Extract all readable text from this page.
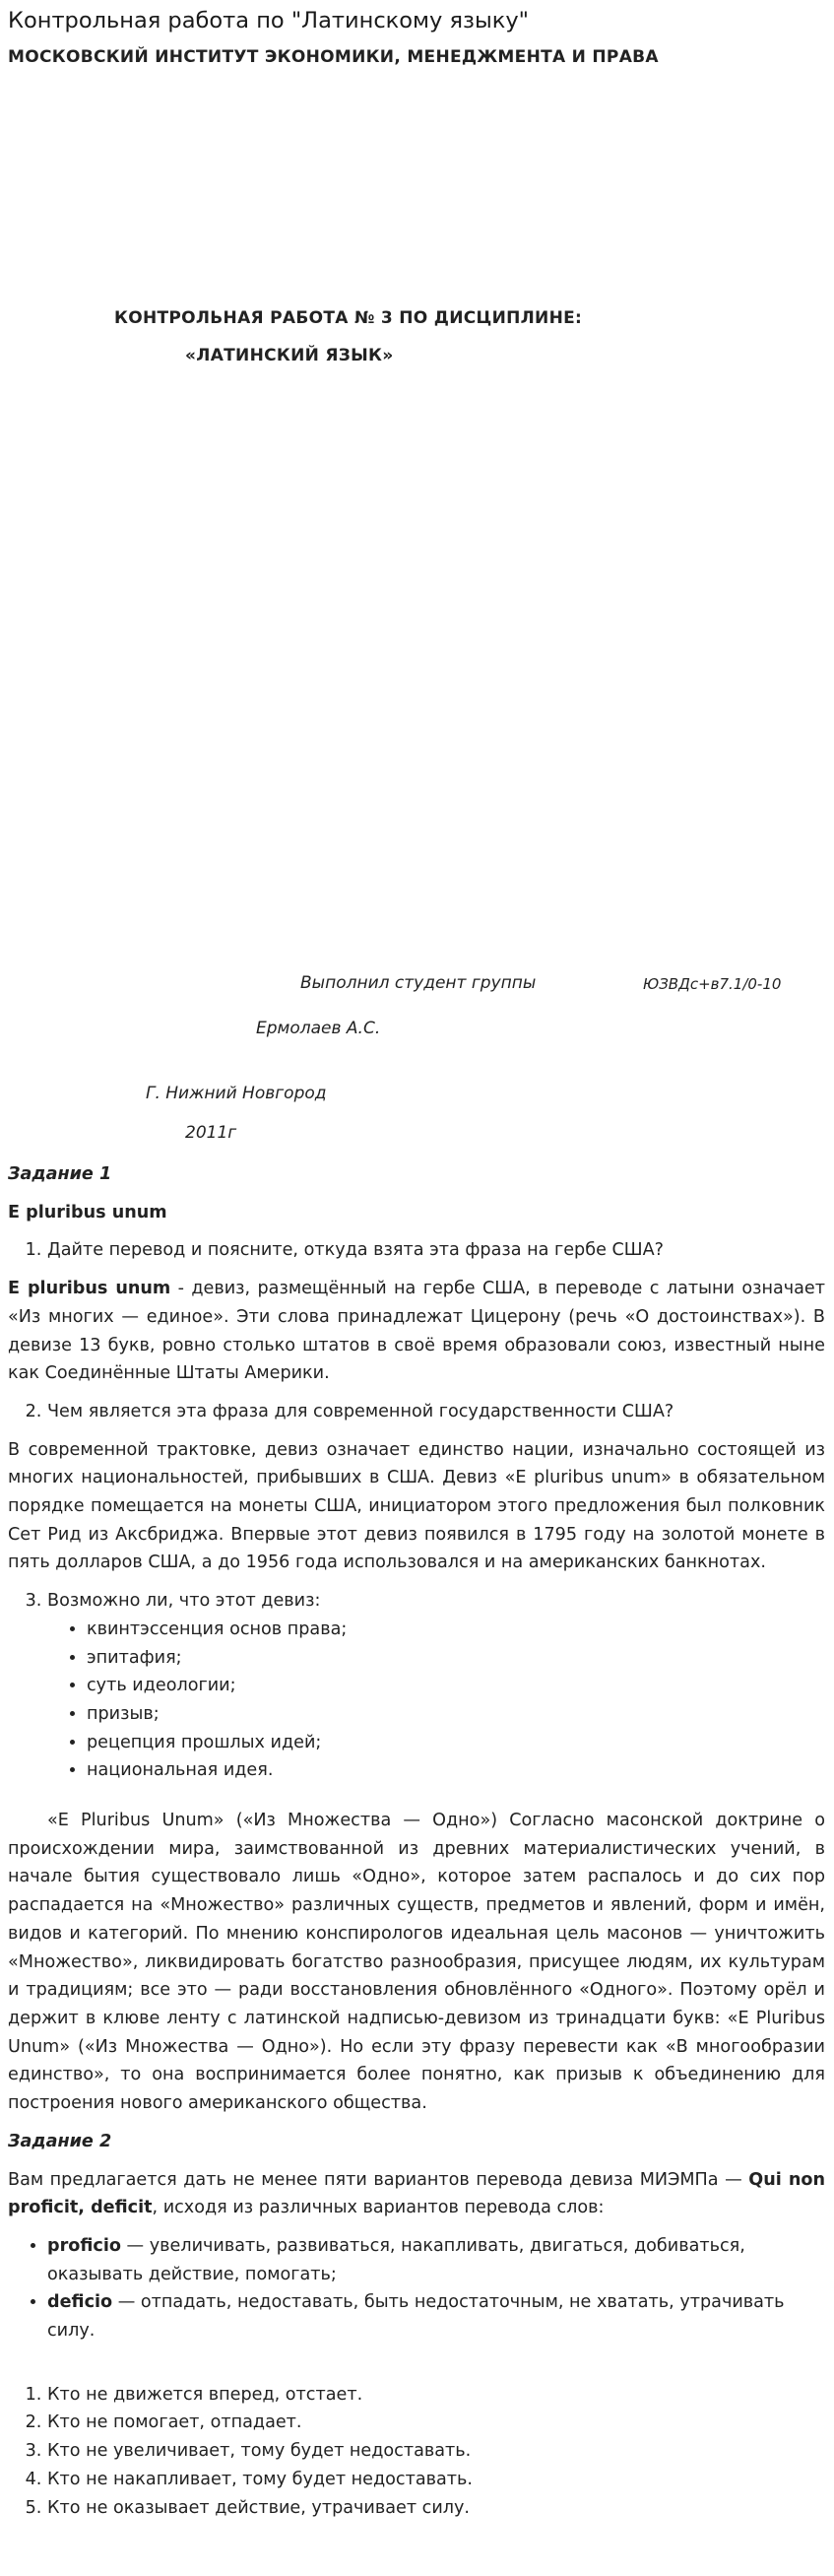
Контрольная работа по "Латинскому языку"
МОСКОВСКИЙ ИНСТИТУТ ЭКОНОМИКИ, МЕНЕДЖМЕНТА И ПРАВА
КОНТРОЛЬНАЯ РАБОТА № 3 ПО ДИСЦИПЛИНЕ:
«ЛАТИНСКИЙ ЯЗЫК»
Выполнил студент группы	ЮЗВДс+в7.1/0-10
Ермолаев А.С.
Г. Нижний Новгород
2011г

Задание 1

E pluribus unum

1. Дайте перевод и поясните, откуда взята эта фраза на гербе США?

E pluribus unum - девиз, размещённый на гербе США, в переводе с латыни означает «Из многих — единое». Эти слова принадлежат Цицерону (речь «О достоинствах»). В девизе 13 букв, ровно столько штатов в своё время образовали союз, известный ныне как Соединённые Штаты Америки.

2. Чем является эта фраза для современной государственности США?

В современной трактовке, девиз означает единство нации, изначально состоящей из многих национальностей, прибывших в США. Девиз «E pluribus unum» в обязательном порядке помещается на монеты США, инициатором этого предложения был полковник Сет Рид из Аксбриджа. Впервые этот девиз появился в 1795 году на золотой монете в пять долларов США, а до 1956 года использовался и на американских банкнотах.

3. Возможно ли, что этот девиз:
• квинтэссенция основ права;
• эпитафия;
• суть идеологии;
• призыв;
• рецепция прошлых идей;
• национальная идея.

«E Pluribus Unum» («Из Множества — Одно») Согласно масонской доктрине о происхождении мира, заимствованной из древних материалистических учений, в начале бытия существовало лишь «Одно», которое затем распалось и до сих пор распадается на «Множество» различных существ, предметов и явлений, форм и имён, видов и категорий. По мнению конспирологов идеальная цель масонов — уничтожить «Множество», ликвидировать богатство разнообразия, присущее людям, их культурам и традициям; все это — ради восстановления обновлённого «Одного». Поэтому орёл и держит в клюве ленту с латинской надписью-девизом из тринадцати букв: «E Pluribus Unum» («Из Множества — Одно»). Но если эту фразу перевести как «В многообразии единство», то она воспринимается более понятно, как призыв к объединению для построения нового американского общества.

Задание 2

Вам предлагается дать не менее пяти вариантов перевода девиза МИЭМПа — Qui non proficit, deficit, исходя из различных вариантов перевода слов:

• proficio — увеличивать, развиваться, накапливать, двигаться, добиваться, оказывать действие, помогать;
• deficio — отпадать, недоставать, быть недостаточным, не хватать, утрачивать силу.
1. Кто не движется вперед, отстает.
2. Кто не помогает, отпадает.
3. Кто не увеличивает, тому будет недоставать.
4. Кто не накапливает, тому будет недоставать.
5. Кто не оказывает действие, утрачивает силу.
